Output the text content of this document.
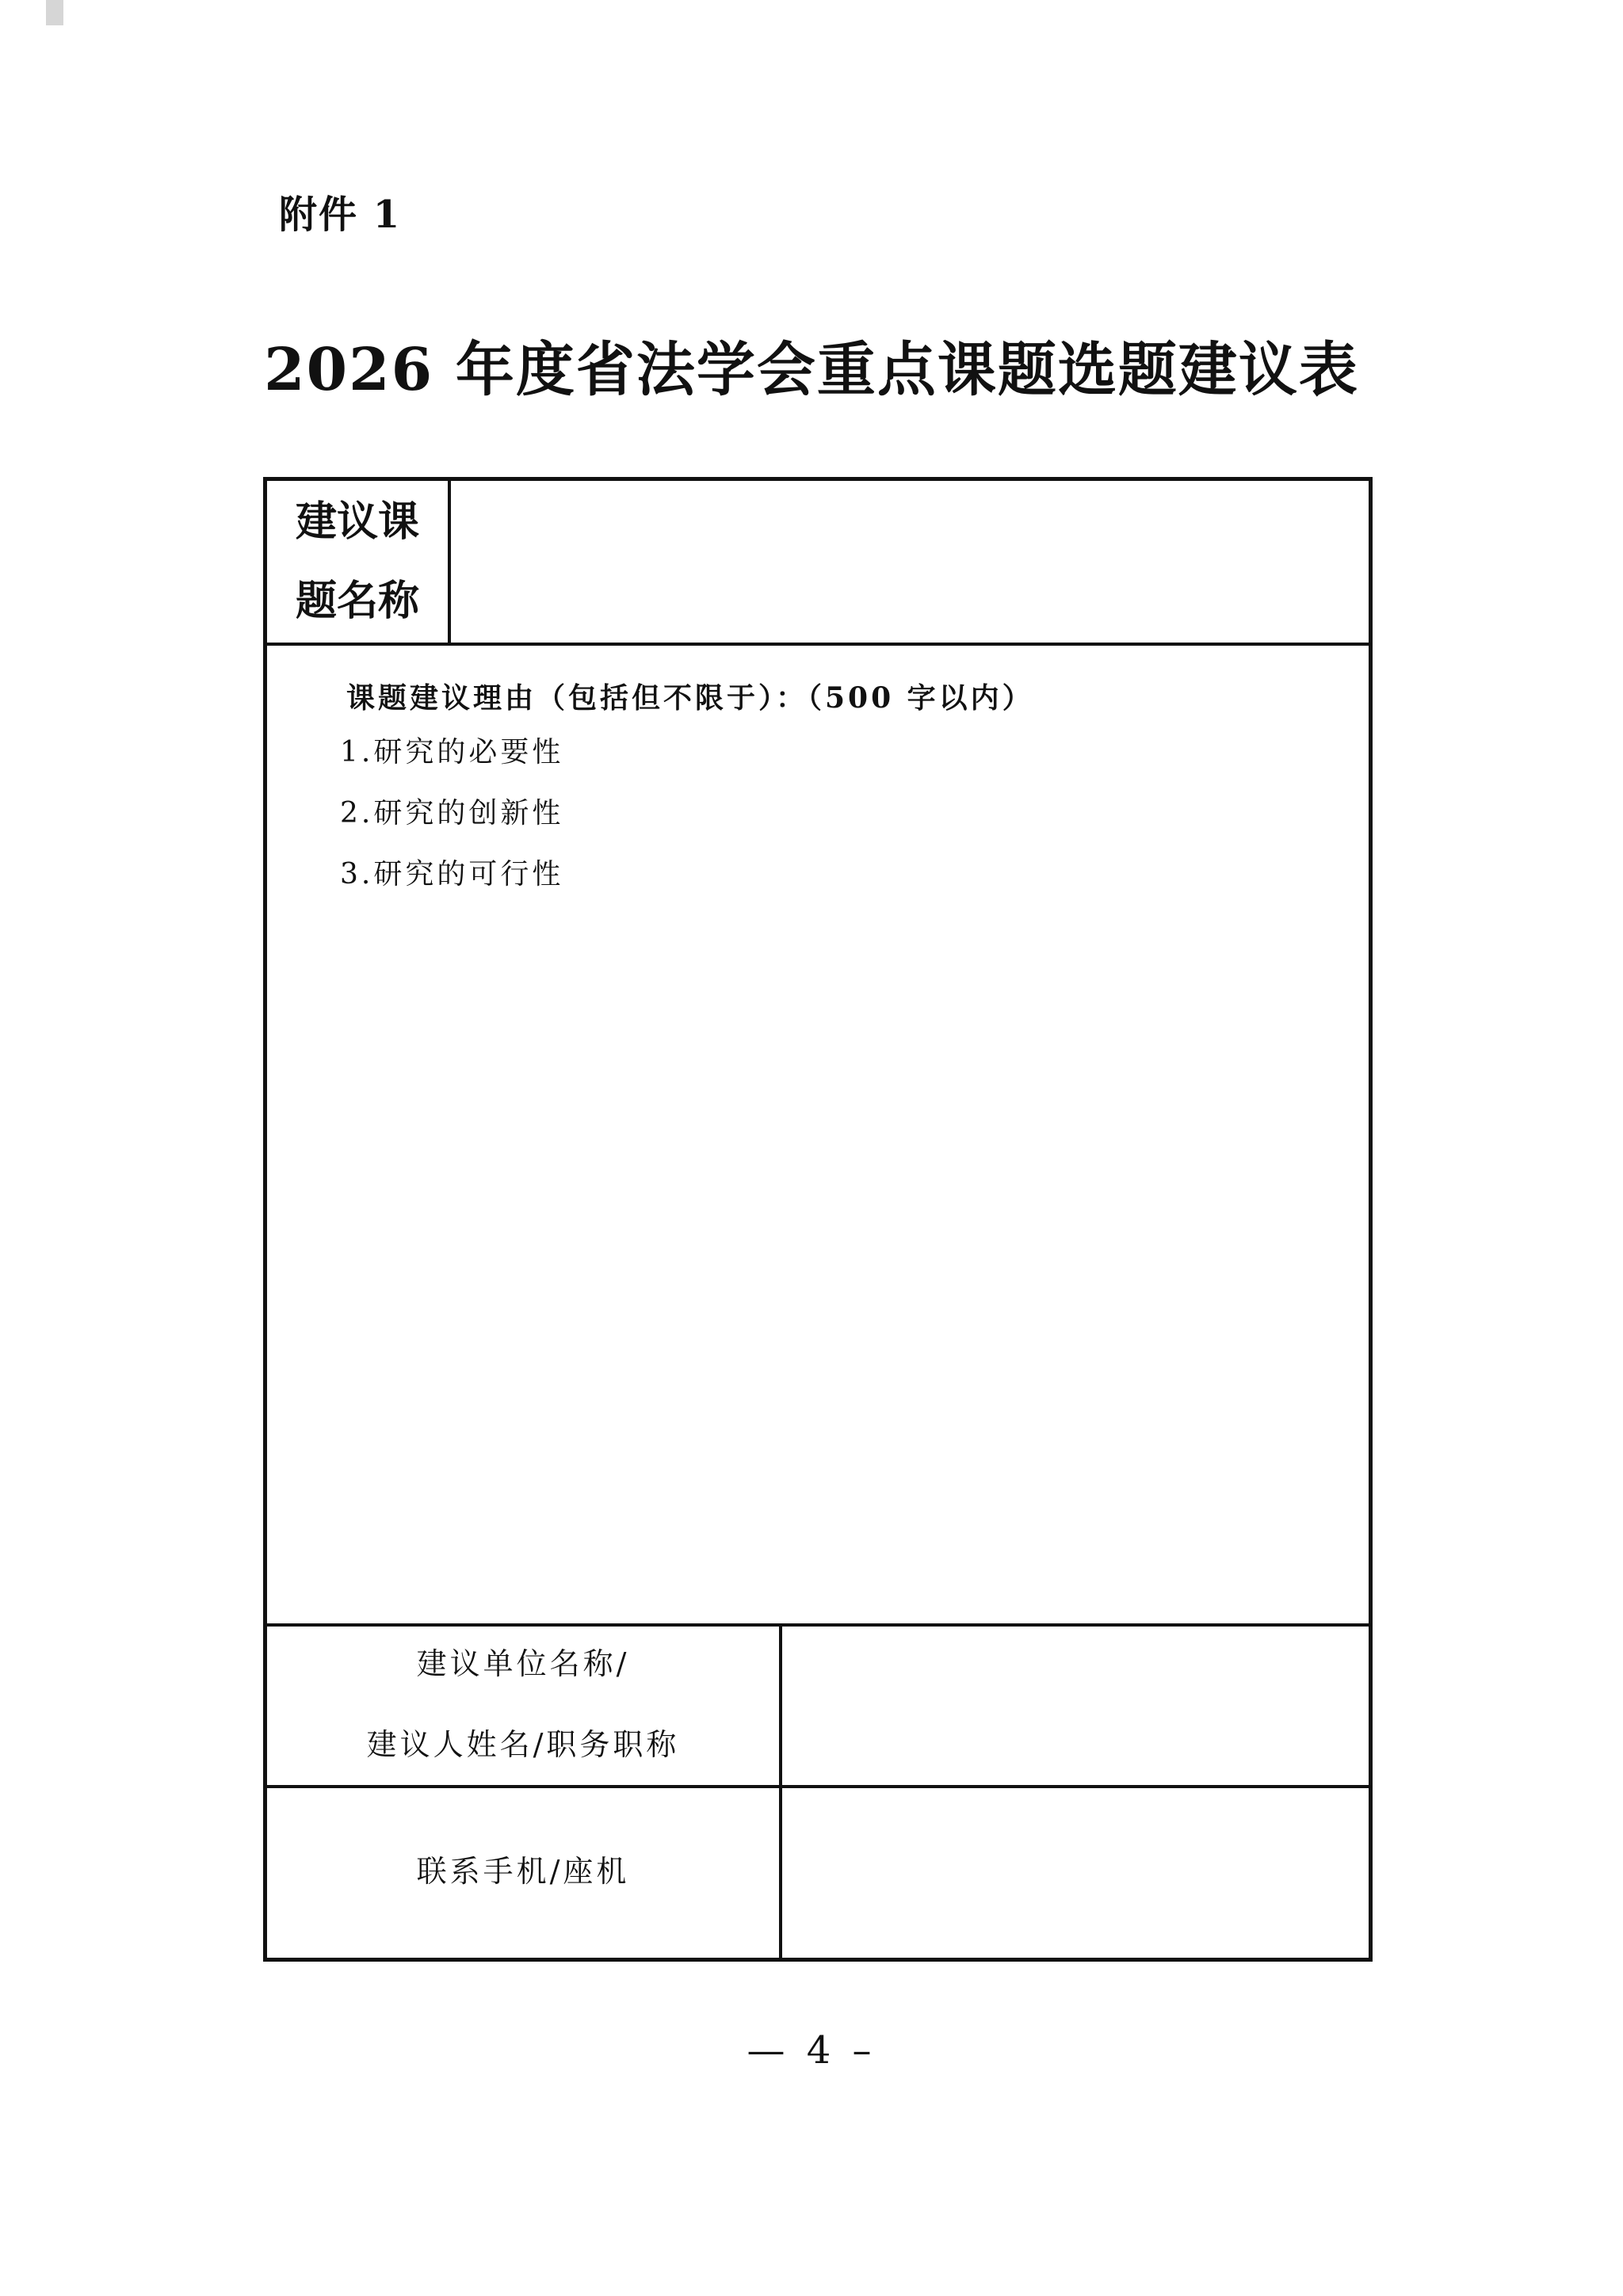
附件 1
2026 年度省法学会重点课题选题建议表
建议课
题名称
课题建议理由（包括但不限于）：（500 字以内）
1.研究的必要性
2.研究的创新性
3.研究的可行性
建议单位名称/
建议人姓名/职务职称
联系手机/座机
— 4 –
